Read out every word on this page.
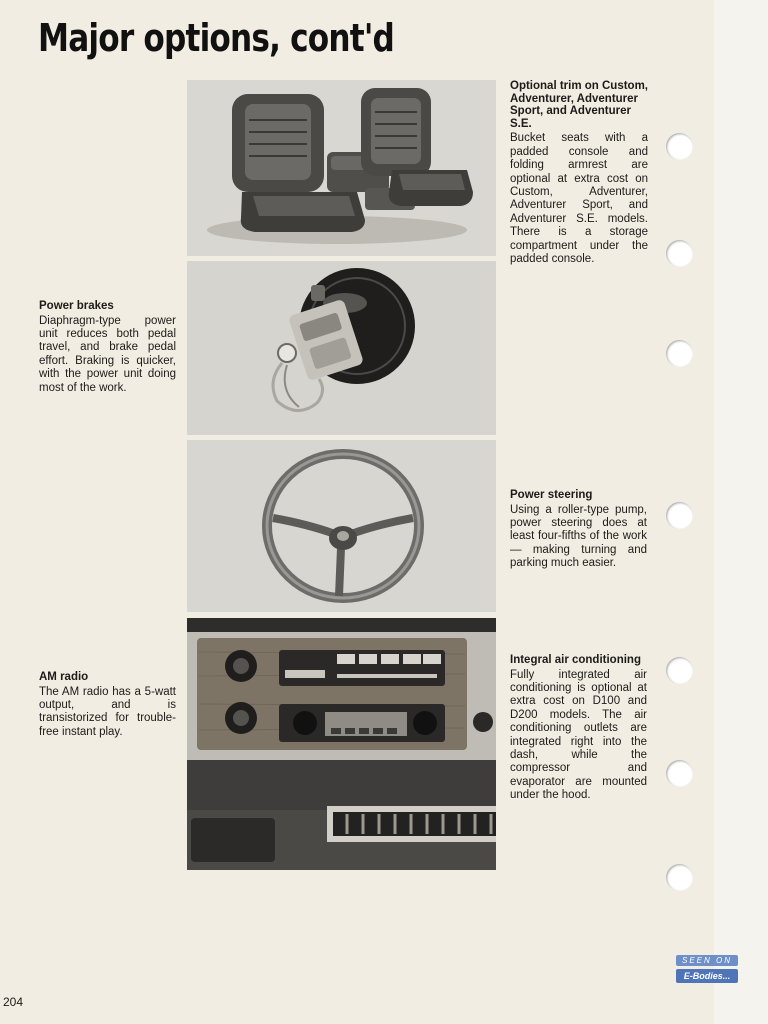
Major options, cont'd
Optional trim on Custom, Adventurer, Adventurer Sport, and Adventurer S.E.

Bucket seats with a padded console and folding armrest are optional at extra cost on Custom, Adventurer, Adventurer Sport, and Adventurer S.E. models. There is a storage compartment under the padded console.

Power brakes

Diaphragm-type power unit reduces both pedal travel, and brake pedal effort. Braking is quicker, with the power unit doing most of the work.

Power steering

Using a roller-type pump, power steering does at least four-fifths of the work — making turning and parking much easier.

AM radio

The AM radio has a 5-watt output, and is transistorized for trouble-free instant play.

Integral air conditioning

Fully integrated air conditioning is optional at extra cost on D100 and D200 models. The air conditioning outlets are integrated right into the dash, while the compressor and evaporator are mounted under the hood.

SEEN ON
E-Bodies...
204
